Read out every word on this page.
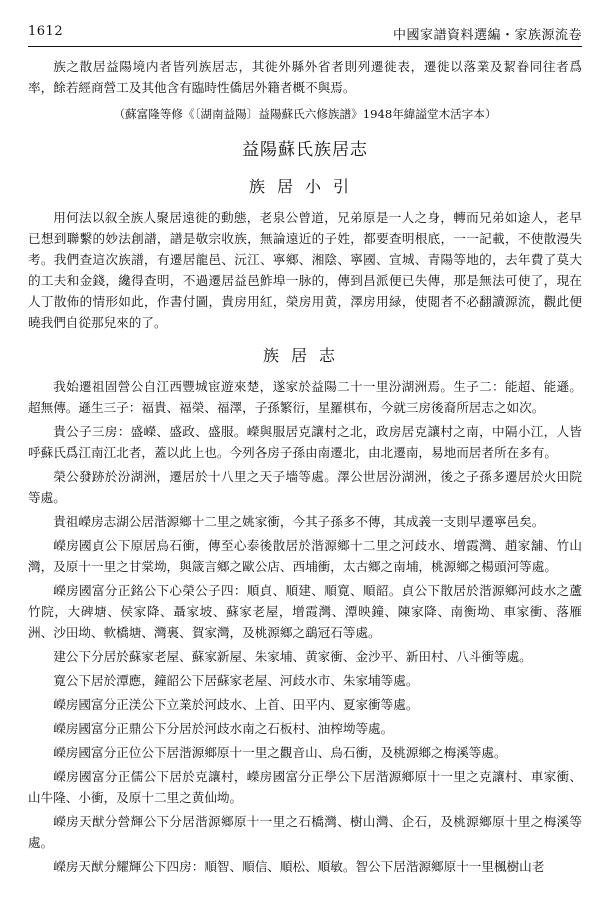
1612	中國家譜資料選編・家族源流卷

族之散居益陽境内者皆列族居志，其徙外縣外省者則列遷徙表，遷徙以落業及絜眷同往者爲率，餘若經商營工及其他含有臨時性僑居外籍者概不與焉。

（蘇富隆等修《〔湖南益陽〕益陽蘇氏六修族譜》1948年緯謚堂木活字本）
益陽蘇氏族居志
族居小引

用何法以叙全族人聚居遠徙的動態，老泉公曾道，兄弟原是一人之身，轉而兄弟如途人，老早已想到聯繫的妙法創譜，譜是敬宗收族，無論遠近的子姓，都要查明根底，一一記載，不使散漫失考。我們查這次族譜，有遷居龍邑、沅江、寧鄉、湘陰、寧國、宣城、青陽等地的，去年費了莫大的工夫和金錢，纔得查明，不過遷居益邑鮓埠一脉的，傳到昌派便已失傳，那是無法可使了，現在人丁散佈的情形如此，作書付圖，貴房用紅，榮房用黄，澤房用緑，使閲者不必翻讀源流，觀此便曉我們自從那兒來的了。

族居志

我始遷祖固營公自江西豐城宦遊來楚，遂家於益陽二十一里汾湖洲焉。生子二：能超、能遜。超無傳。遜生三子：福貴、福榮、福澤，子孫繁衍，星羅棋布，今就三房後裔所居志之如次。

貴公子三房：盛嶸、盛政、盛服。嶸與服居克讓村之北，政房居克讓村之南，中隔小江，人皆呼蘇氏爲江南江北者，蓋以此上也。今列各房子孫由南遷北，由北遷南，易地而居者所在多有。

榮公發跡於汾湖洲，遷居於十八里之天子墻等處。澤公世居汾湖洲，後之子孫多遷居於火田院等處。

貴祖嶸房志湖公居湝源鄉十二里之姚家衝，今其子孫多不傳，其成義一支則早遷寧邑矣。

嶸房國貞公下原居烏石衝，傳至心泰後散居於湝源鄉十二里之河歧水、增霞灣、趙家舖、竹山灣，及原十一里之甘棠坳，與箴言鄉之歐公店、西埔衝，太古鄉之南埔，桃源鄉之楊頭河等處。

嶸房國富分正銘公下心榮公子四：順貞、順建、順寛、順韶。貞公下散居於湝源鄉河歧水之蘆竹院，大碑塘、侯家降、聶家坡、蘇家老屋，增霞灣、潭映鐘、陳家降、南衡坳、車家衝、落雁洲、沙田坳、軟橋塘、灣裏、賀家灣，及桃源鄉之鷂冠石等處。

建公下分居於蘇家老屋、蘇家新屋、朱家埔、黄家衝、金沙平、新田村、八斗衝等處。

寛公下居於潭應，鐘韶公下居蘇家老屋、河歧水市、朱家埔等處。

嶸房國富分正渼公下立業於河歧水、上首、田平内、夏家衝等處。

嶸房國富分正鼎公下分居於河歧水南之石板村、油榨坳等處。

嶸房國富分正位公下居湝源鄉原十一里之觀音山、烏石衝，及桃源鄉之梅溪等處。

嶸房國富分正儒公下居於克讓村，嶸房國富分正學公下居湝源鄉原十一里之克讓村、車家衝、山牛隆、小衝，及原十二里之黄仙坳。

嶸房天猷分營輝公下分居湝源鄉原十一里之石橋灣、樹山灣、企石，及桃源鄉原十里之梅溪等處。

嶸房天猷分耀輝公下四房：順智、順信、順松、順敏。智公下居湝源鄉原十一里楓樹山老
